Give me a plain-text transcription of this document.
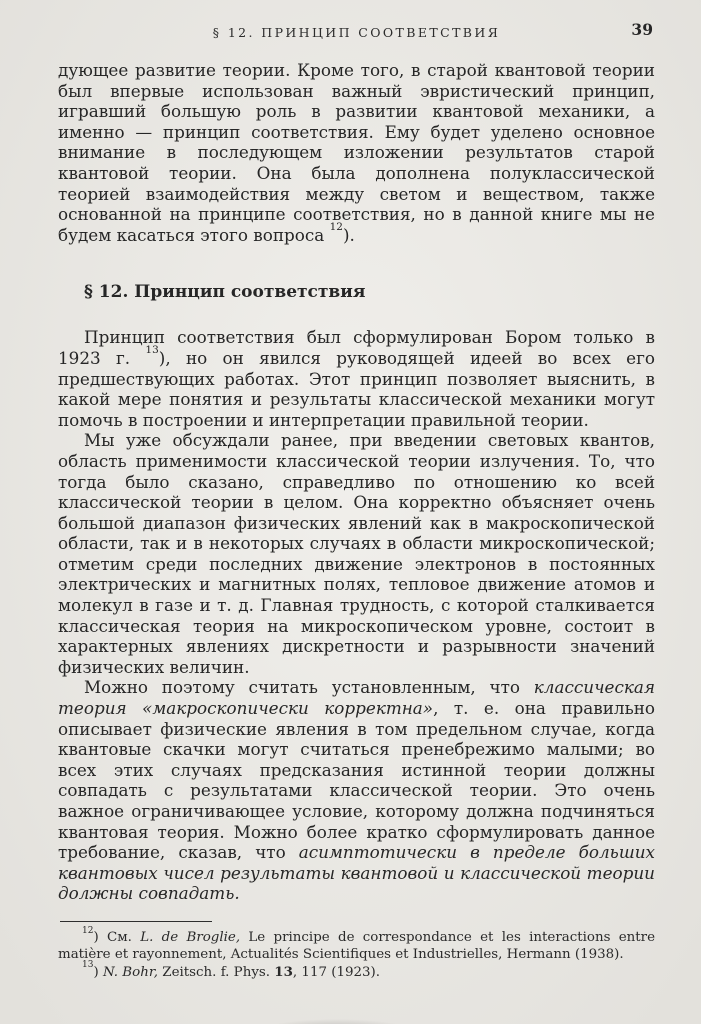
§ 12. ПРИНЦИП СООТВЕТСТВИЯ	39

дующее развитие теории. Кроме того, в старой квантовой теории был впервые использован важный эвристический принцип, игравший большую роль в развитии квантовой механики, а именно — принцип соответствия. Ему будет уделено основное внимание в последующем изложении результатов старой квантовой теории. Она была дополнена полуклассической теорией взаимодействия между светом и веществом, также основанной на принципе соответствия, но в данной книге мы не будем касаться этого вопроса $^{12}$).

§ 12. Принцип соответствия

Принцип соответствия был сформулирован Бором только в 1923 г. $^{13}$), но он явился руководящей идеей во всех его предшествующих работах. Этот принцип позволяет выяснить, в какой мере понятия и результаты классической механики могут помочь в построении и интерпретации правильной теории.

Мы уже обсуждали ранее, при введении световых квантов, область применимости классической теории излучения. То, что тогда было сказано, справедливо по отношению ко всей классической теории в целом. Она корректно объясняет очень большой диапазон физических явлений как в макроскопической области, так и в некоторых случаях в области микроскопической; отметим среди последних движение электронов в постоянных электрических и магнитных полях, тепловое движение атомов и молекул в газе и т. д. Главная трудность, с которой сталкивается классическая теория на микроскопическом уровне, состоит в характерных явлениях дискретности и разрывности значений физических величин.

Можно поэтому считать установленным, что классическая теория «макроскопически корректна», т. е. она правильно описывает физические явления в том предельном случае, когда квантовые скачки могут считаться пренебрежимо малыми; во всех этих случаях предсказания истинной теории должны совпадать с результатами классической теории. Это очень важное ограничивающее условие, которому должна подчиняться квантовая теория. Можно более кратко сформулировать данное требование, сказав, что асимптотически в пределе больших квантовых чисел результаты квантовой и классической теории должны совпадать.

$^{12}$) См. L. de Broglie, Le principe de correspondance et les interactions entre matière et rayonnement, Actualités Scientifiques et Industrielles, Hermann (1938).

$^{13}$) N. Bohr, Zeitsch. f. Phys. 13, 117 (1923).
